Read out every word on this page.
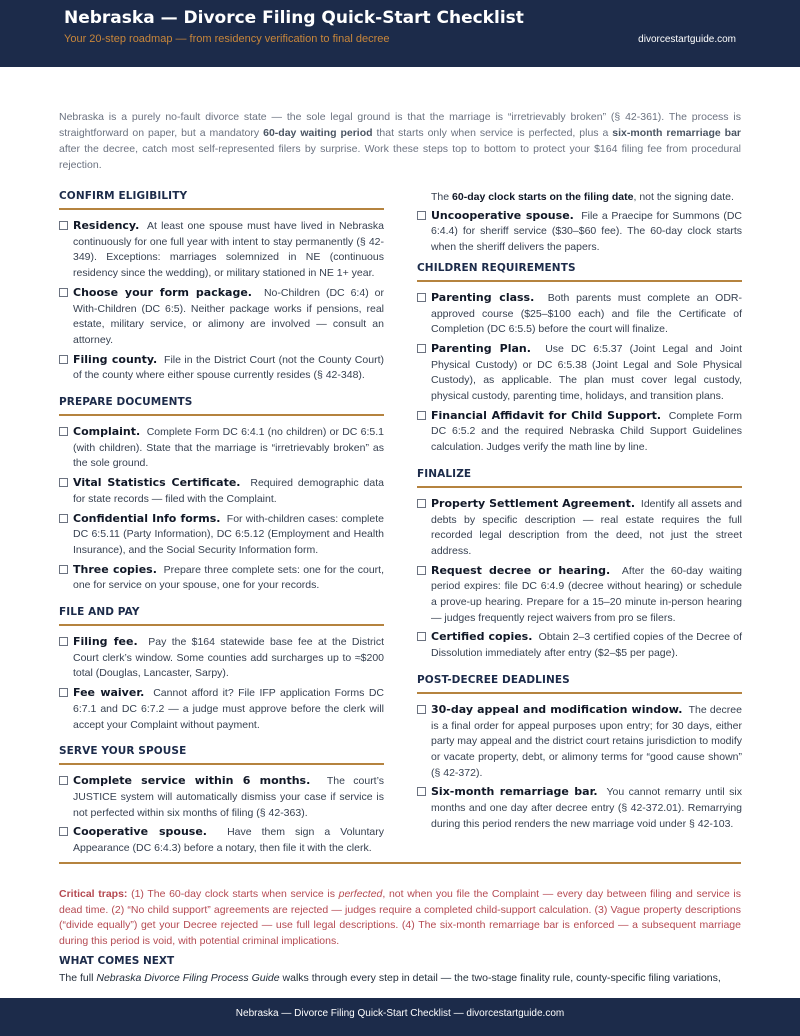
Nebraska — Divorce Filing Quick-Start Checklist
Your 20-step roadmap — from residency verification to final decree	divorcestartguide.com
Nebraska is a purely no-fault divorce state — the sole legal ground is that the marriage is “irretrievably broken” (§ 42-361). The process is straightforward on paper, but a mandatory 60-day waiting period that starts only when service is perfected, plus a six-month remarriage bar after the decree, catch most self-represented filers by surprise. Work these steps top to bottom to protect your $164 filing fee from procedural rejection.
CONFIRM ELIGIBILITY
Residency. At least one spouse must have lived in Nebraska continuously for one full year with intent to stay permanently (§ 42-349). Exceptions: marriages solemnized in NE (continuous residency since the wedding), or military stationed in NE 1+ year.
Choose your form package. No-Children (DC 6:4) or With-Children (DC 6:5). Neither package works if pensions, real estate, military service, or alimony are involved — consult an attorney.
Filing county. File in the District Court (not the County Court) of the county where either spouse currently resides (§ 42-348).
PREPARE DOCUMENTS
Complaint. Complete Form DC 6:4.1 (no children) or DC 6:5.1 (with children). State that the marriage is “irretrievably broken” as the sole ground.
Vital Statistics Certificate. Required demographic data for state records — filed with the Complaint.
Confidential Info forms. For with-children cases: complete DC 6:5.11 (Party Information), DC 6:5.12 (Employment and Health Insurance), and the Social Security Information form.
Three copies. Prepare three complete sets: one for the court, one for service on your spouse, one for your records.
FILE AND PAY
Filing fee. Pay the $164 statewide base fee at the District Court clerk’s window. Some counties add surcharges up to ≈$200 total (Douglas, Lancaster, Sarpy).
Fee waiver. Cannot afford it? File IFP application Forms DC 6:7.1 and DC 6:7.2 — a judge must approve before the clerk will accept your Complaint without payment.
SERVE YOUR SPOUSE
Complete service within 6 months. The court’s JUSTICE system will automatically dismiss your case if service is not perfected within six months of filing (§ 42-363).
Cooperative spouse. Have them sign a Voluntary Appearance (DC 6:4.3) before a notary, then file it with the clerk.
The 60-day clock starts on the filing date, not the signing date.
Uncooperative spouse. File a Praecipe for Summons (DC 6:4.4) for sheriff service ($30–$60 fee). The 60-day clock starts when the sheriff delivers the papers.
CHILDREN REQUIREMENTS
Parenting class. Both parents must complete an ODR-approved course ($25–$100 each) and file the Certificate of Completion (DC 6:5.5) before the court will finalize.
Parenting Plan. Use DC 6:5.37 (Joint Legal and Joint Physical Custody) or DC 6:5.38 (Joint Legal and Sole Physical Custody), as applicable. The plan must cover legal custody, physical custody, parenting time, holidays, and transition plans.
Financial Affidavit for Child Support. Complete Form DC 6:5.2 and the required Nebraska Child Support Guidelines calculation. Judges verify the math line by line.
FINALIZE
Property Settlement Agreement. Identify all assets and debts by specific description — real estate requires the full recorded legal description from the deed, not just the street address.
Request decree or hearing. After the 60-day waiting period expires: file DC 6:4.9 (decree without hearing) or schedule a prove-up hearing. Prepare for a 15–20 minute in-person hearing — judges frequently reject waivers from pro se filers.
Certified copies. Obtain 2–3 certified copies of the Decree of Dissolution immediately after entry ($2–$5 per page).
POST-DECREE DEADLINES
30-day appeal and modification window. The decree is a final order for appeal purposes upon entry; for 30 days, either party may appeal and the district court retains jurisdiction to modify or vacate property, debt, or alimony terms for “good cause shown” (§ 42-372).
Six-month remarriage bar. You cannot remarry until six months and one day after decree entry (§ 42-372.01). Remarrying during this period renders the new marriage void under § 42-103.
Critical traps: (1) The 60-day clock starts when service is perfected, not when you file the Complaint — every day between filing and service is dead time. (2) “No child support” agreements are rejected — judges require a completed child-support calculation. (3) Vague property descriptions (“divide equally”) get your Decree rejected — use full legal descriptions. (4) The six-month remarriage bar is enforced — a subsequent marriage during this period is void, with potential criminal implications.
WHAT COMES NEXT
The full Nebraska Divorce Filing Process Guide walks through every step in detail — the two-stage finality rule, county-specific filing variations,
Nebraska — Divorce Filing Quick-Start Checklist — divorcestartguide.com
